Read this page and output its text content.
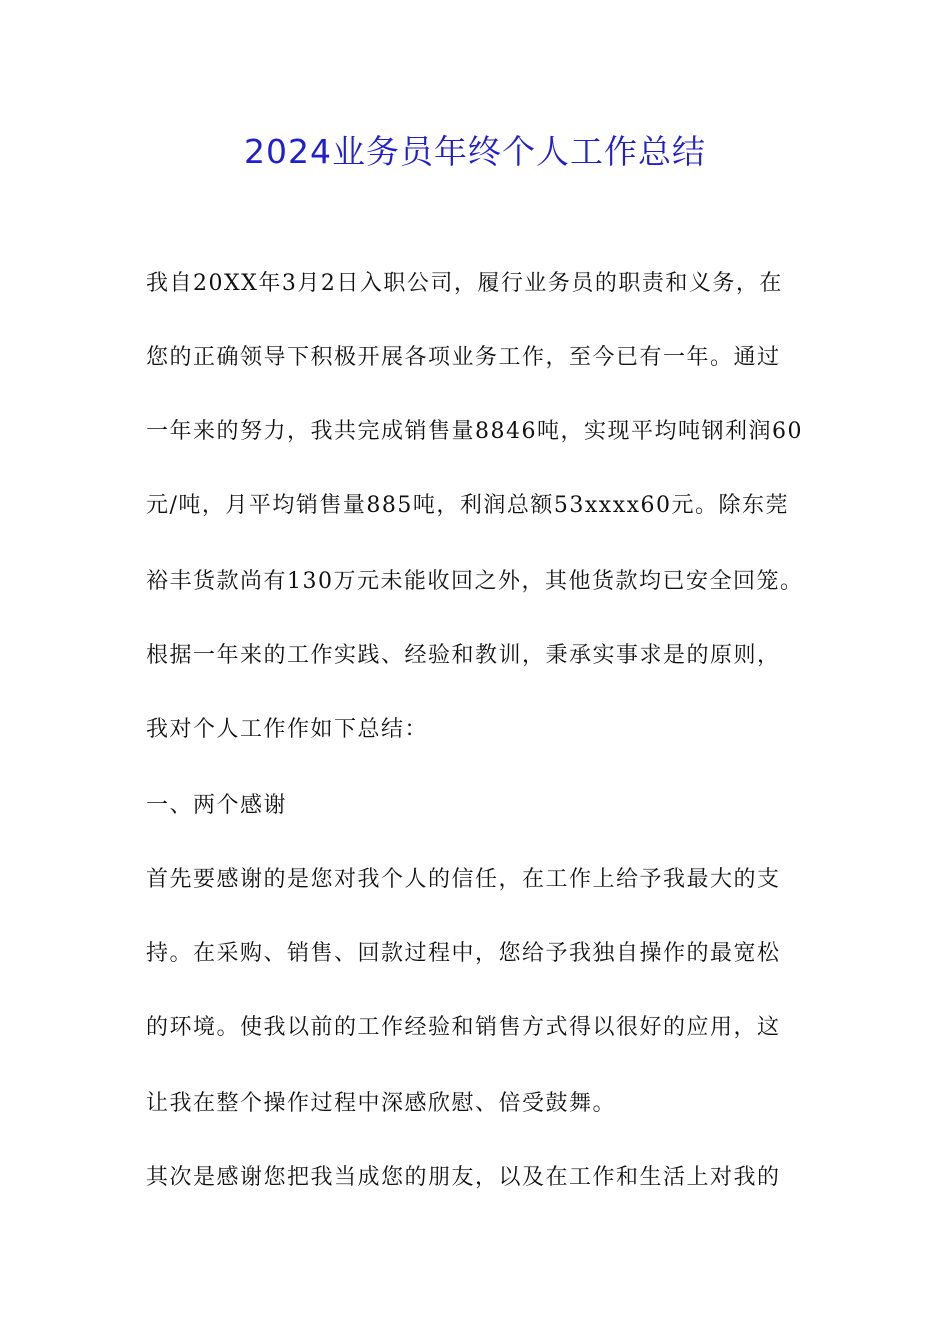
2024业务员年终个人工作总结

我自20XX年3月2日入职公司，履行业务员的职责和义务，在

您的正确领导下积极开展各项业务工作，至今已有一年。通过

一年来的努力，我共完成销售量8846吨，实现平均吨钢利润60

元/吨，月平均销售量885吨，利润总额53xxxx60元。除东莞

裕丰货款尚有130万元未能收回之外，其他货款均已安全回笼。

根据一年来的工作实践、经验和教训，秉承实事求是的原则，

我对个人工作作如下总结：

一、两个感谢

首先要感谢的是您对我个人的信任，在工作上给予我最大的支

持。在采购、销售、回款过程中，您给予我独自操作的最宽松

的环境。使我以前的工作经验和销售方式得以很好的应用，这

让我在整个操作过程中深感欣慰、倍受鼓舞。

其次是感谢您把我当成您的朋友，以及在工作和生活上对我的
